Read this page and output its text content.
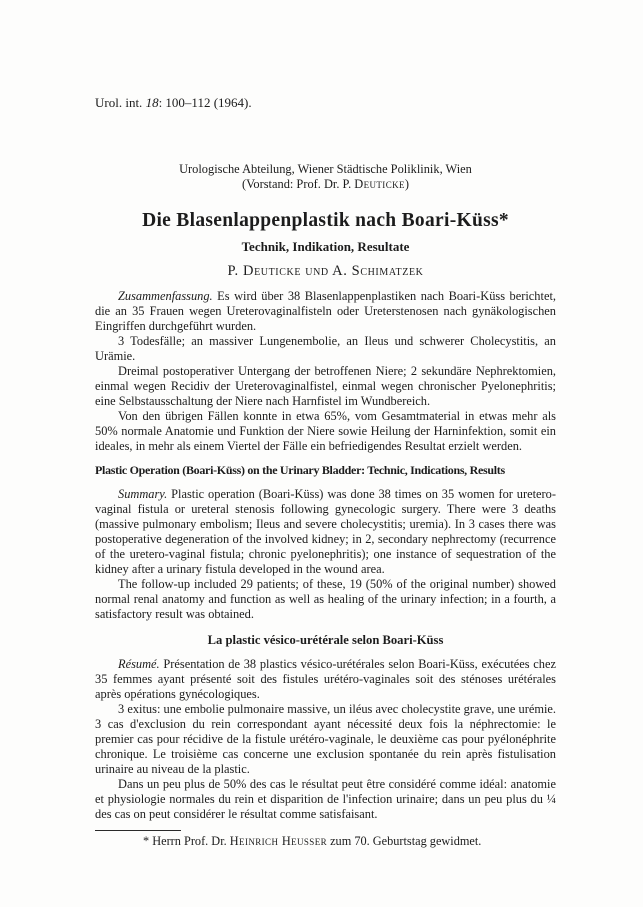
Urol. int. 18: 100–112 (1964).
Urologische Abteilung, Wiener Städtische Poliklinik, Wien
(Vorstand: Prof. Dr. P. Deuticke)
Die Blasenlappenplastik nach Boari-Küss*
Technik, Indikation, Resultate
P. Deuticke und A. Schimatzek

Zusammenfassung. Es wird über 38 Blasenlappenplastiken nach Boari-Küss berichtet, die an 35 Frauen wegen Ureterovaginalfisteln oder Ureterstenosen nach gynäkologischen Eingriffen durchgeführt wurden.

3 Todesfälle; an massiver Lungenembolie, an Ileus und schwerer Cholecystitis, an Urämie.

Dreimal postoperativer Untergang der betroffenen Niere; 2 sekundäre Nephrektomien, einmal wegen Recidiv der Ureterovaginalfistel, einmal wegen chronischer Pyelonephritis; eine Selbstausschaltung der Niere nach Harnfistel im Wundbereich.

Von den übrigen Fällen konnte in etwa 65%, vom Gesamtmaterial in etwas mehr als 50% normale Anatomie und Funktion der Niere sowie Heilung der Harninfektion, somit ein ideales, in mehr als einem Viertel der Fälle ein befriedigendes Resultat erzielt werden.

Plastic Operation (Boari-Küss) on the Urinary Bladder: Technic, Indications, Results

Summary. Plastic operation (Boari-Küss) was done 38 times on 35 women for uretero-vaginal fistula or ureteral stenosis following gynecologic surgery. There were 3 deaths (massive pulmonary embolism; Ileus and severe cholecystitis; uremia). In 3 cases there was postoperative degeneration of the involved kidney; in 2, secondary nephrectomy (recurrence of the uretero-vaginal fistula; chronic pyelonephritis); one instance of sequestration of the kidney after a urinary fistula developed in the wound area.

The follow-up included 29 patients; of these, 19 (50% of the original number) showed normal renal anatomy and function as well as healing of the urinary infection; in a fourth, a satisfactory result was obtained.

La plastic vésico-urétérale selon Boari-Küss

Résumé. Présentation de 38 plastics vésico-urétérales selon Boari-Küss, exécutées chez 35 femmes ayant présenté soit des fistules urétéro-vaginales soit des sténoses urétérales après opérations gynécologiques.

3 exitus: une embolie pulmonaire massive, un iléus avec cholecystite grave, une urémie. 3 cas d'exclusion du rein correspondant ayant nécessité deux fois la néphrectomie: le premier cas pour récidive de la fistule urétéro-vaginale, le deuxième cas pour pyélonéphrite chronique. Le troisième cas concerne une exclusion spontanée du rein après fistulisation urinaire au niveau de la plastic.

Dans un peu plus de 50% des cas le résultat peut être considéré comme idéal: anatomie et physiologie normales du rein et disparition de l'infection urinaire; dans un peu plus du ¼ des cas on peut considérer le résultat comme satisfaisant.

* Herrn Prof. Dr. Heinrich Heusser zum 70. Geburtstag gewidmet.
